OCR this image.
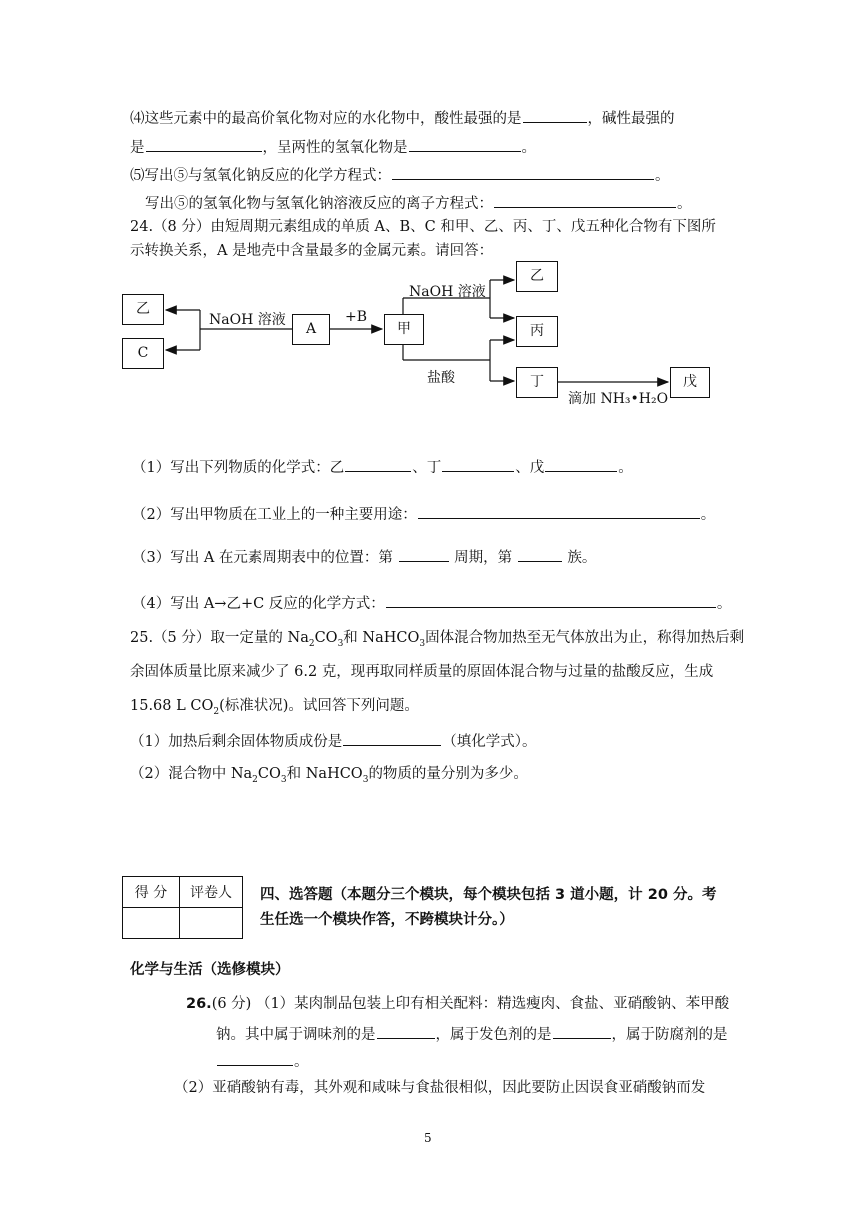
⑷这些元素中的最高价氧化物对应的水化物中，酸性最强的是	，碱性最强的
是	，呈两性的氢氧化物是	。
⑸写出⑤与氢氧化钠反应的化学方程式：	。
写出⑤的氢氧化物与氢氧化钠溶液反应的离子方程式：	。
24.（8 分）由短周期元素组成的单质 A、B、C 和甲、乙、丙、丁、戊五种化合物有下图所
示转换关系，A 是地壳中含量最多的金属元素。请回答：
乙
C
A	甲
乙
丙
丁	戊
NaOH 溶液	+B
NaOH 溶液
盐酸
滴加 NH₃•H₂O
（1）写出下列物质的化学式：乙	、丁	、戊	。
（2）写出甲物质在工业上的一种主要用途：	。
（3）写出 A 在元素周期表中的位置：第	周期，第	族。
（4）写出 A→乙+C 反应的化学方式：	。
25.（5 分）取一定量的 $Na_2CO_3$和 NaHCO$_3$固体混合物加热至无气体放出为止，称得加热后剩
余固体质量比原来减少了 6.2 克，现再取同样质量的原固体混合物与过量的盐酸反应，生成
15.68 L $CO_2$(标准状况)。试回答下列问题。
（1）加热后剩余固体物质成份是	（填化学式）。
（2）混合物中 $Na_2CO_3$和 NaHCO$_3$的物质的量分别为多少。
得 分	评卷人
	四、选答题（本题分三个模块，每个模块包括 3 道小题，计 20 分。考
生任选一个模块作答，不跨模块计分。）
化学与生活（选修模块）
26.(6 分) （1）某肉制品包装上印有相关配料：精选瘦肉、食盐、亚硝酸钠、苯甲酸
钠。其中属于调味剂的是	，属于发色剂的是	，属于防腐剂的是
。
（2）亚硝酸钠有毒，其外观和咸味与食盐很相似，因此要防止因误食亚硝酸钠而发
5
